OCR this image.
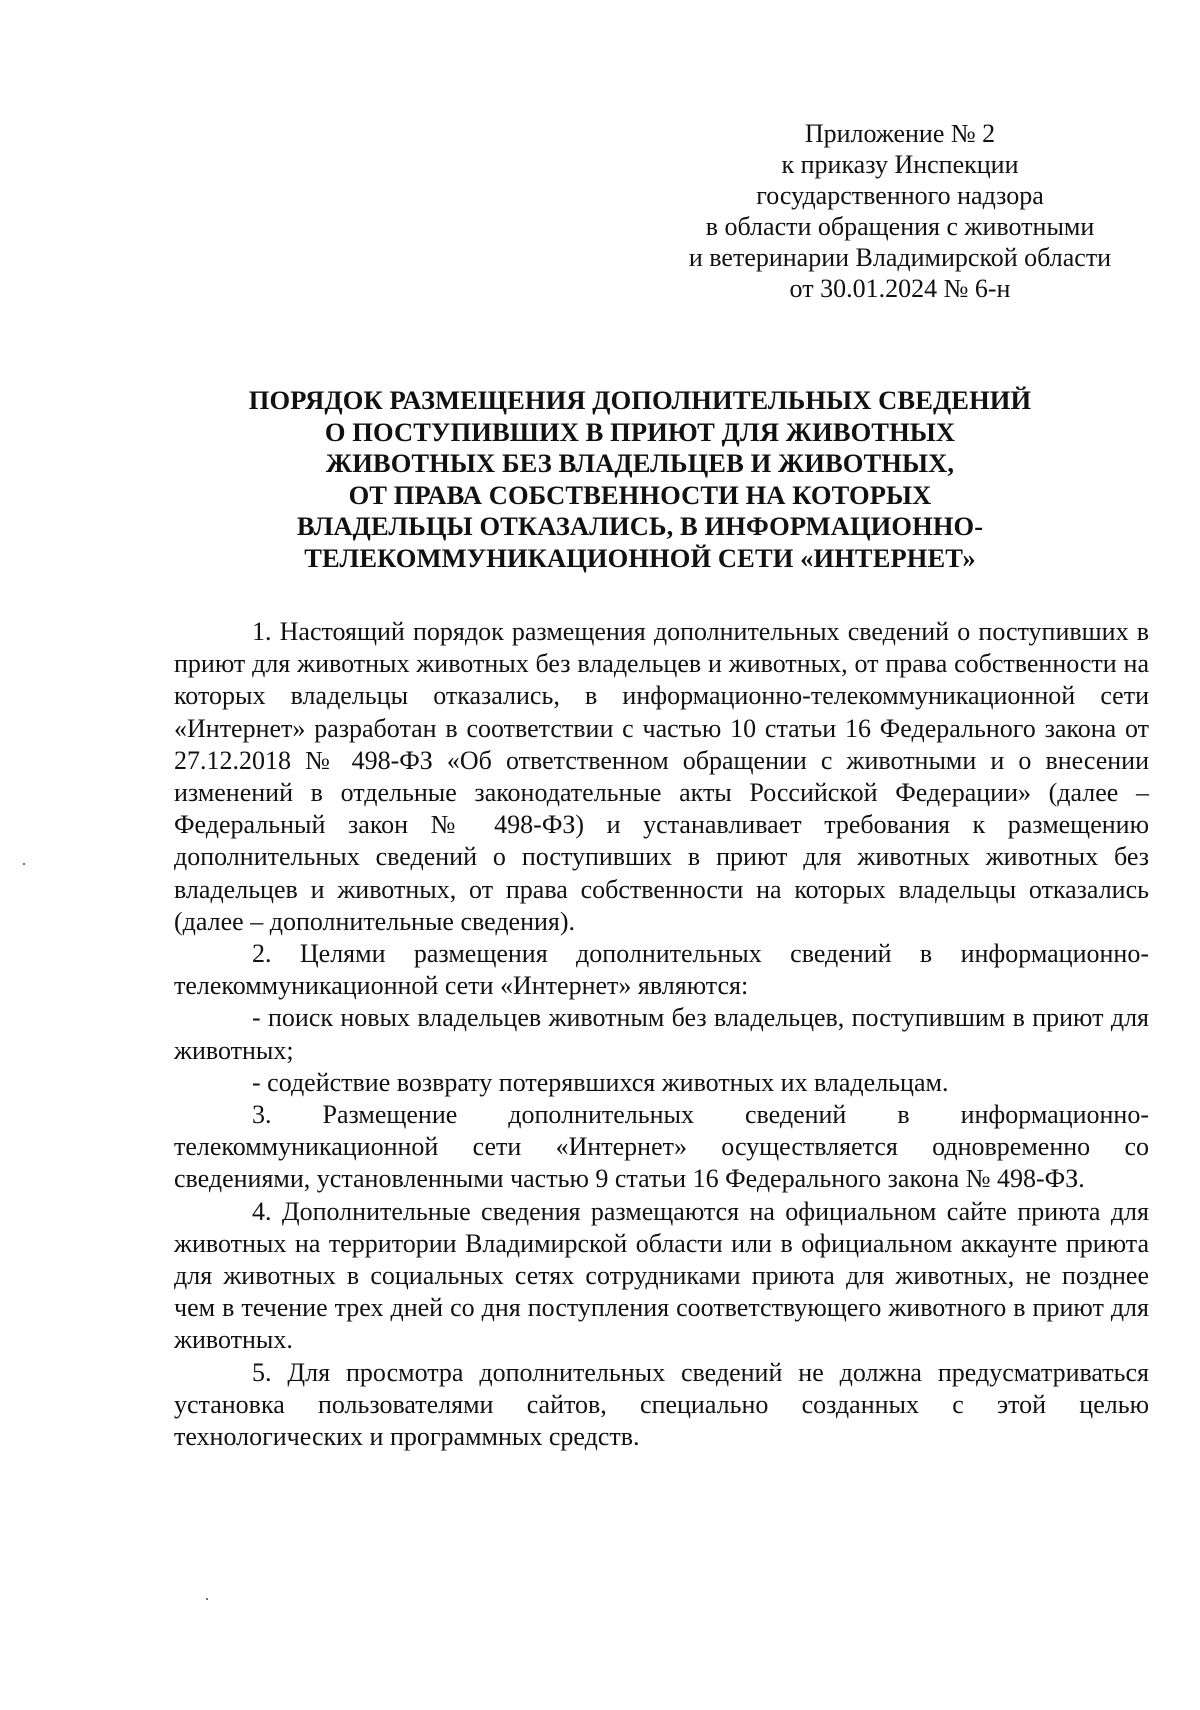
Приложение № 2
к приказу Инспекции
государственного надзора
в области обращения с животными
и ветеринарии Владимирской области
от 30.01.2024 № 6-н
ПОРЯДОК РАЗМЕЩЕНИЯ ДОПОЛНИТЕЛЬНЫХ СВЕДЕНИЙ
О ПОСТУПИВШИХ В ПРИЮТ ДЛЯ ЖИВОТНЫХ
ЖИВОТНЫХ БЕЗ ВЛАДЕЛЬЦЕВ И ЖИВОТНЫХ,
ОТ ПРАВА СОБСТВЕННОСТИ НА КОТОРЫХ
ВЛАДЕЛЬЦЫ ОТКАЗАЛИСЬ, В ИНФОРМАЦИОННО-
ТЕЛЕКОММУНИКАЦИОННОЙ СЕТИ «ИНТЕРНЕТ»

1. Настоящий порядок размещения дополнительных сведений о поступивших в приют для животных животных без владельцев и животных, от права собственности на которых владельцы отказались, в информационно-телекоммуникационной сети «Интернет» разработан в соответствии с частью 10 статьи 16 Федерального закона от 27.12.2018 № 498-ФЗ «Об ответственном обращении с животными и о внесении изменений в отдельные законодательные акты Российской Федерации» (далее – Федеральный закон № 498-ФЗ) и устанавливает требования к размещению дополнительных сведений о поступивших в приют для животных животных без владельцев и животных, от права собственности на которых владельцы отказались (далее – дополнительные сведения).

2. Целями размещения дополнительных сведений в информационно-телекоммуникационной сети «Интернет» являются:

- поиск новых владельцев животным без владельцев, поступившим в приют для животных;

- содействие возврату потерявшихся животных их владельцам.

3. Размещение дополнительных сведений в информационно-телекоммуникационной сети «Интернет» осуществляется одновременно со сведениями, установленными частью 9 статьи 16 Федерального закона № 498-ФЗ.

4. Дополнительные сведения размещаются на официальном сайте приюта для животных на территории Владимирской области или в официальном аккаунте приюта для животных в социальных сетях сотрудниками приюта для животных, не позднее чем в течение трех дней со дня поступления соответствующего животного в приют для животных.

5. Для просмотра дополнительных сведений не должна предусматриваться установка пользователями сайтов, специально созданных с этой целью технологических и программных средств.
